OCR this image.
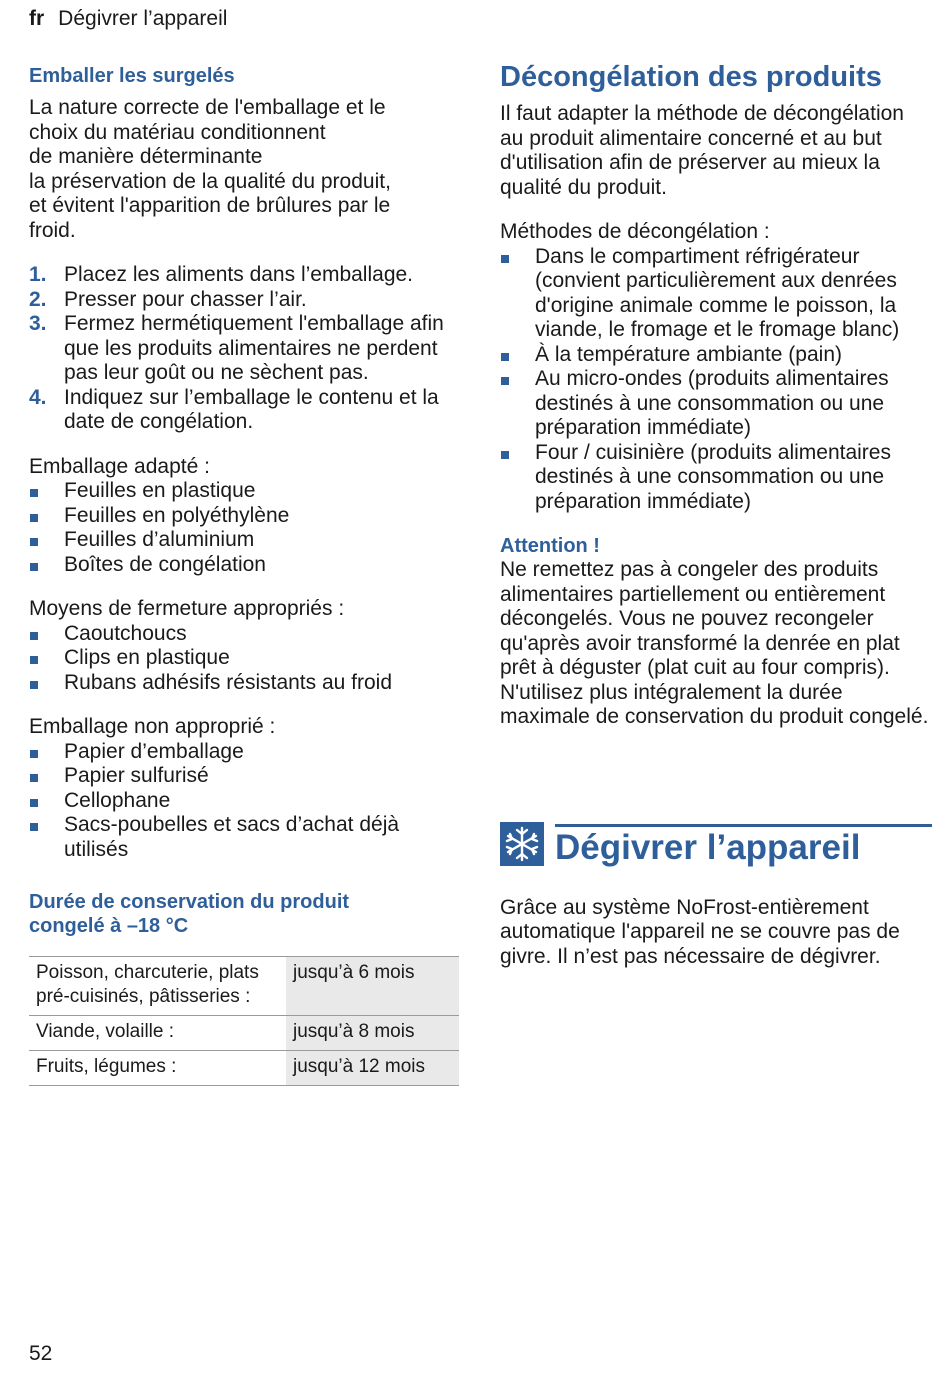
fr Dégivrer l’appareil
Emballer les surgelés
La nature correcte de l'emballage et le
choix du matériau conditionnent
de manière déterminante
la préservation de la qualité du produit,
et évitent l'apparition de brûlures par le
froid.
1. Placez les aliments dans l’emballage.
2. Presser pour chasser l’air.
3. Fermez hermétiquement l'emballage afin que les produits alimentaires ne perdent pas leur goût ou ne sèchent pas.
4. Indiquez sur l’emballage le contenu et la date de congélation.
Emballage adapté :
Feuilles en plastique
Feuilles en polyéthylène
Feuilles d’aluminium
Boîtes de congélation
Moyens de fermeture appropriés :
Caoutchoucs
Clips en plastique
Rubans adhésifs résistants au froid
Emballage non approprié :
Papier d’emballage
Papier sulfurisé
Cellophane
Sacs-poubelles et sacs d’achat déjà utilisés
Durée de conservation du produit
congelé à –18 °C
Poisson, charcuterie, plats pré-cuisinés, pâtisseries :	jusqu’à 6 mois
Viande, volaille :	jusqu’à 8 mois
Fruits, légumes :	jusqu’à 12 mois
Décongélation des produits

Il faut adapter la méthode de décongélation au produit alimentaire concerné et au but d'utilisation afin de préserver au mieux la qualité du produit.

Méthodes de décongélation :
Dans le compartiment réfrigérateur (convient particulièrement aux denrées d'origine animale comme le poisson, la viande, le fromage et le fromage blanc)
À la température ambiante (pain)
Au micro-ondes (produits alimentaires destinés à une consommation ou une préparation immédiate)
Four / cuisinière (produits alimentaires destinés à une consommation ou une préparation immédiate)
Attention !

Ne remettez pas à congeler des produits alimentaires partiellement ou entièrement décongelés. Vous ne pouvez recongeler qu'après avoir transformé la denrée en plat prêt à déguster (plat cuit au four compris). N'utilisez plus intégralement la durée maximale de conservation du produit congelé.

Dégivrer l’appareil

Grâce au système NoFrost-entièrement automatique l'appareil ne se couvre pas de givre. Il n’est pas nécessaire de dégivrer.

52
